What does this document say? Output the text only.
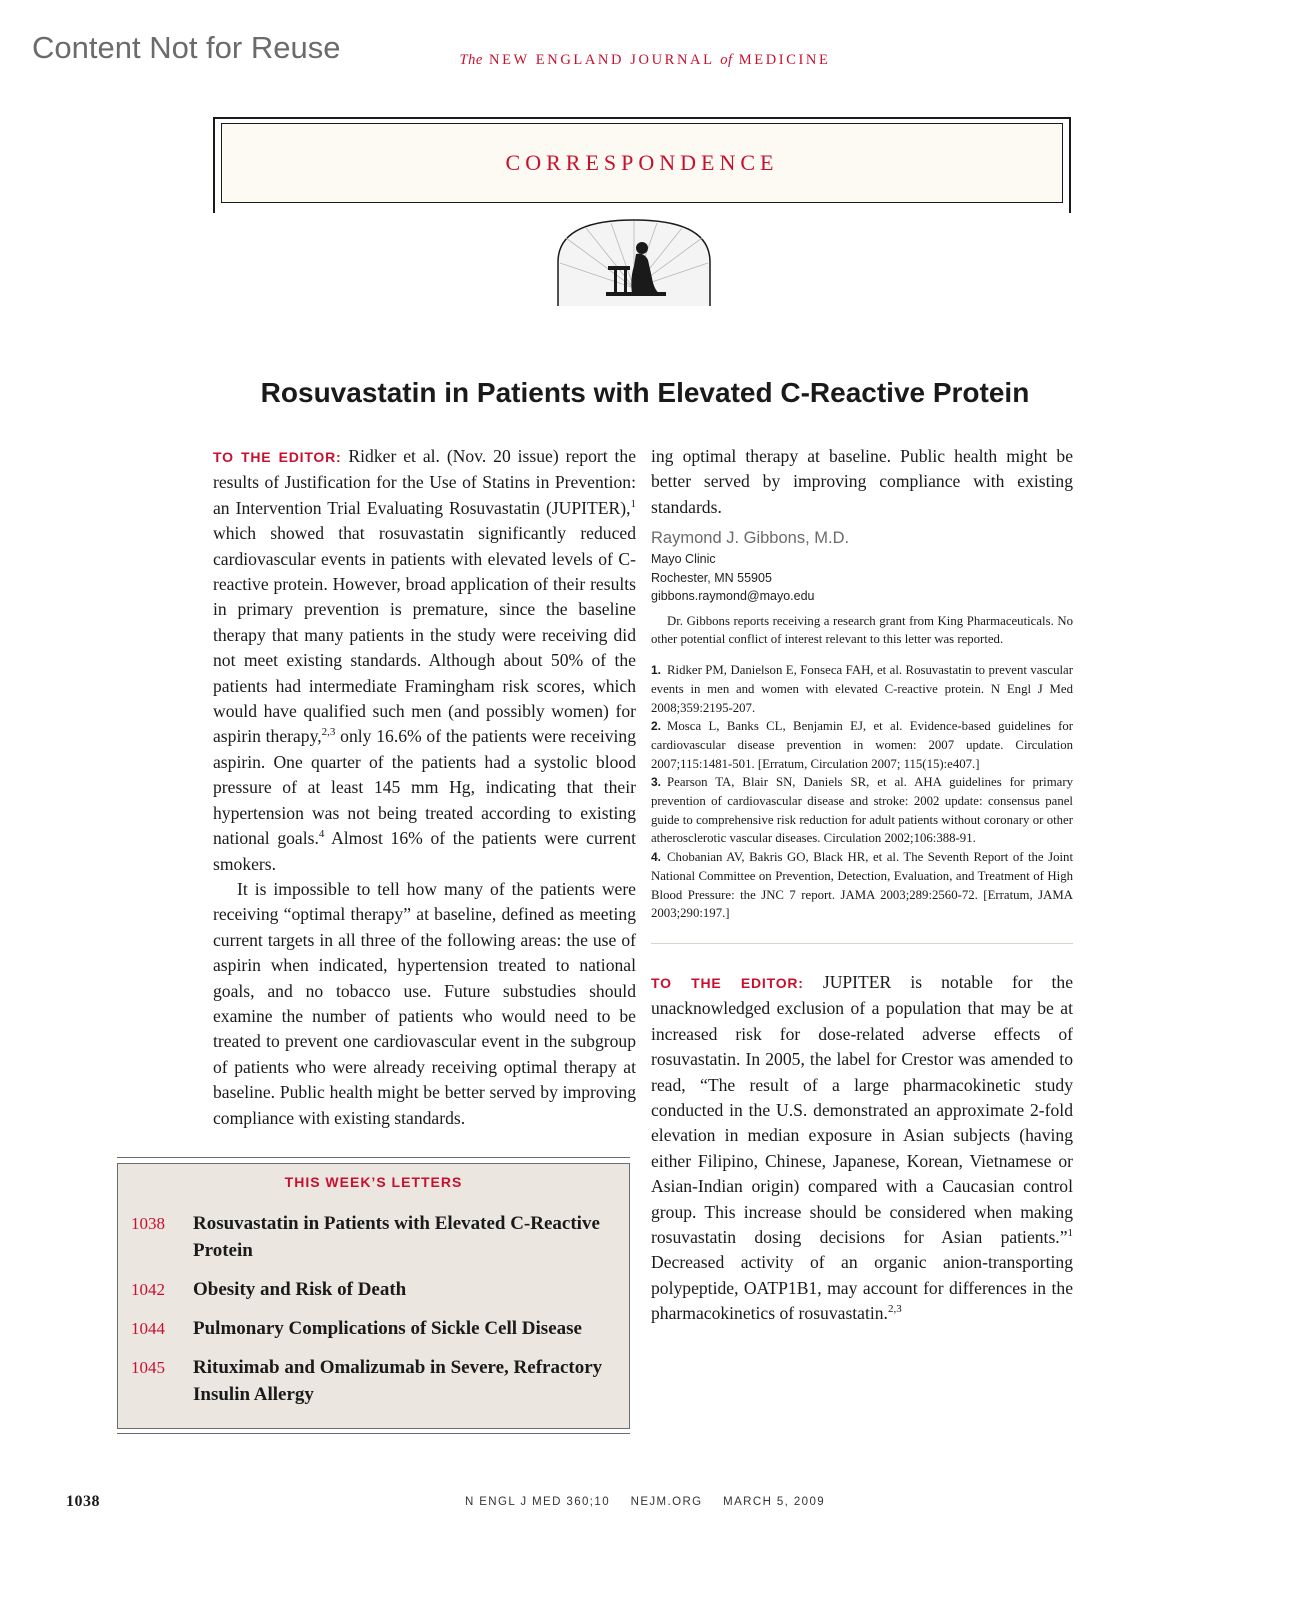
Content Not for Reuse	The NEW ENGLAND JOURNAL of MEDICINE
CORRESPONDENCE
Rosuvastatin in Patients with Elevated C-Reactive Protein

TO THE EDITOR: Ridker et al. (Nov. 20 issue) report the results of Justification for the Use of Statins in Prevention: an Intervention Trial Evaluating Rosuvastatin (JUPITER),$^1$ which showed that rosuvastatin significantly reduced cardiovascular events in patients with elevated levels of C-reactive protein. However, broad application of their results in primary prevention is premature, since the baseline therapy that many patients in the study were receiving did not meet existing standards. Although about 50% of the patients had intermediate Framingham risk scores, which would have qualified such men (and possibly women) for aspirin therapy,$^{2,3}$ only 16.6% of the patients were receiving aspirin. One quarter of the patients had a systolic blood pressure of at least 145 mm Hg, indicating that their hypertension was not being treated according to existing national goals.$^4$ Almost 16% of the patients were current smokers.

It is impossible to tell how many of the patients were receiving “optimal therapy” at baseline, defined as meeting current targets in all three of the following areas: the use of aspirin when indicated, hypertension treated to national goals, and no tobacco use. Future substudies should examine the number of patients who would need to be treated to prevent one cardiovascular event in the subgroup of patients who were already receiving optimal therapy at baseline. Public health might be better served by improving compliance with existing standards.

ing optimal therapy at baseline. Public health might be better served by improving compliance with existing standards.

Raymond J. Gibbons, M.D.
Mayo Clinic
Rochester, MN 55905
gibbons.raymond@mayo.edu

Dr. Gibbons reports receiving a research grant from King Pharmaceuticals. No other potential conflict of interest relevant to this letter was reported.

1. Ridker PM, Danielson E, Fonseca FAH, et al. Rosuvastatin to prevent vascular events in men and women with elevated C-reactive protein. N Engl J Med 2008;359:2195-207.

2. Mosca L, Banks CL, Benjamin EJ, et al. Evidence-based guidelines for cardiovascular disease prevention in women: 2007 update. Circulation 2007;115:1481-501. [Erratum, Circulation 2007; 115(15):e407.]

3. Pearson TA, Blair SN, Daniels SR, et al. AHA guidelines for primary prevention of cardiovascular disease and stroke: 2002 update: consensus panel guide to comprehensive risk reduction for adult patients without coronary or other atherosclerotic vascular diseases. Circulation 2002;106:388-91.

4. Chobanian AV, Bakris GO, Black HR, et al. The Seventh Report of the Joint National Committee on Prevention, Detection, Evaluation, and Treatment of High Blood Pressure: the JNC 7 report. JAMA 2003;289:2560-72. [Erratum, JAMA 2003;290:197.]

TO THE EDITOR: JUPITER is notable for the unacknowledged exclusion of a population that may be at increased risk for dose-related adverse effects of rosuvastatin. In 2005, the label for Crestor was amended to read, “The result of a large pharmacokinetic study conducted in the U.S. demonstrated an approximate 2-fold elevation in median exposure in Asian subjects (having either Filipino, Chinese, Japanese, Korean, Vietnamese or Asian-Indian origin) compared with a Caucasian control group. This increase should be considered when making rosuvastatin dosing decisions for Asian patients.”$^1$ Decreased activity of an organic anion-transporting polypeptide, OATP1B1, may account for differences in the pharmacokinetics of rosuvastatin.$^{2,3}$

THIS WEEK’S LETTERS
1038	Rosuvastatin in Patients with Elevated C-Reactive Protein
1042	Obesity and Risk of Death
1044	Pulmonary Complications of Sickle Cell Disease
1045	Rituximab and Omalizumab in Severe, Refractory Insulin Allergy
1038	N ENGL J MED 360;10 NEJM.ORG MARCH 5, 2009
